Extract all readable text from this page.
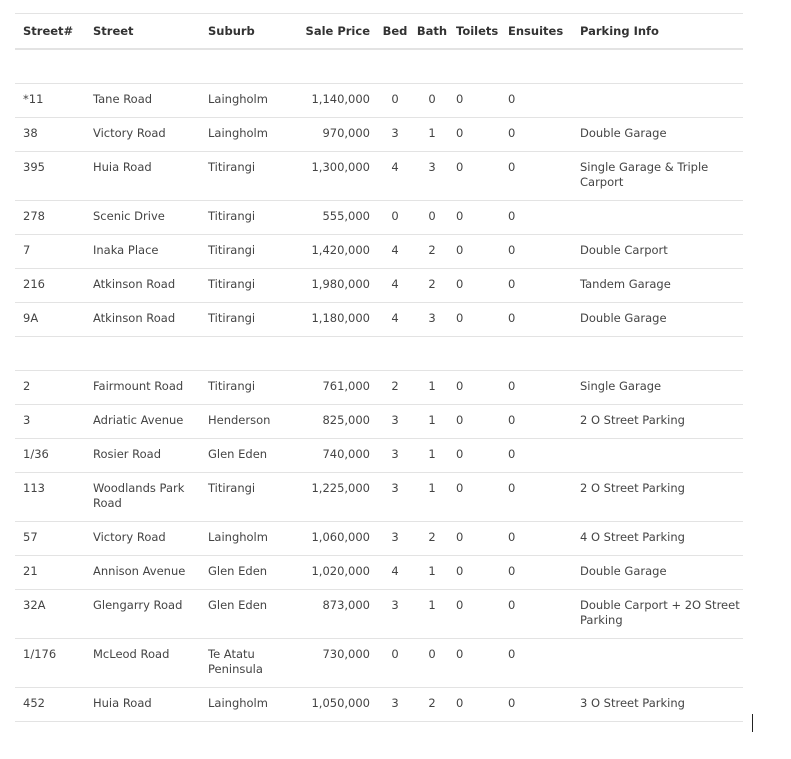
Street#	Street	Suburb	Sale Price	Bed	Bath	Toilets	Ensuites	Parking Info

*11	Tane Road	Laingholm	1,140,000	0	0	0	0	
38	Victory Road	Laingholm	970,000	3	1	0	0	Double Garage
395	Huia Road	Titirangi	1,300,000	4	3	0	0	Single Garage & Triple Carport
278	Scenic Drive	Titirangi	555,000	0	0	0	0	
7	Inaka Place	Titirangi	1,420,000	4	2	0	0	Double Carport
216	Atkinson Road	Titirangi	1,980,000	4	2	0	0	Tandem Garage
9A	Atkinson Road	Titirangi	1,180,000	4	3	0	0	Double Garage

2	Fairmount Road	Titirangi	761,000	2	1	0	0	Single Garage
3	Adriatic Avenue	Henderson	825,000	3	1	0	0	2 O Street Parking
1/36	Rosier Road	Glen Eden	740,000	3	1	0	0	
113	Woodlands Park Road	Titirangi	1,225,000	3	1	0	0	2 O Street Parking
57	Victory Road	Laingholm	1,060,000	3	2	0	0	4 O Street Parking
21	Annison Avenue	Glen Eden	1,020,000	4	1	0	0	Double Garage
32A	Glengarry Road	Glen Eden	873,000	3	1	0	0	Double Carport + 2O Street Parking
1/176	McLeod Road	Te Atatu Peninsula	730,000	0	0	0	0	
452	Huia Road	Laingholm	1,050,000	3	2	0	0	3 O Street Parking
